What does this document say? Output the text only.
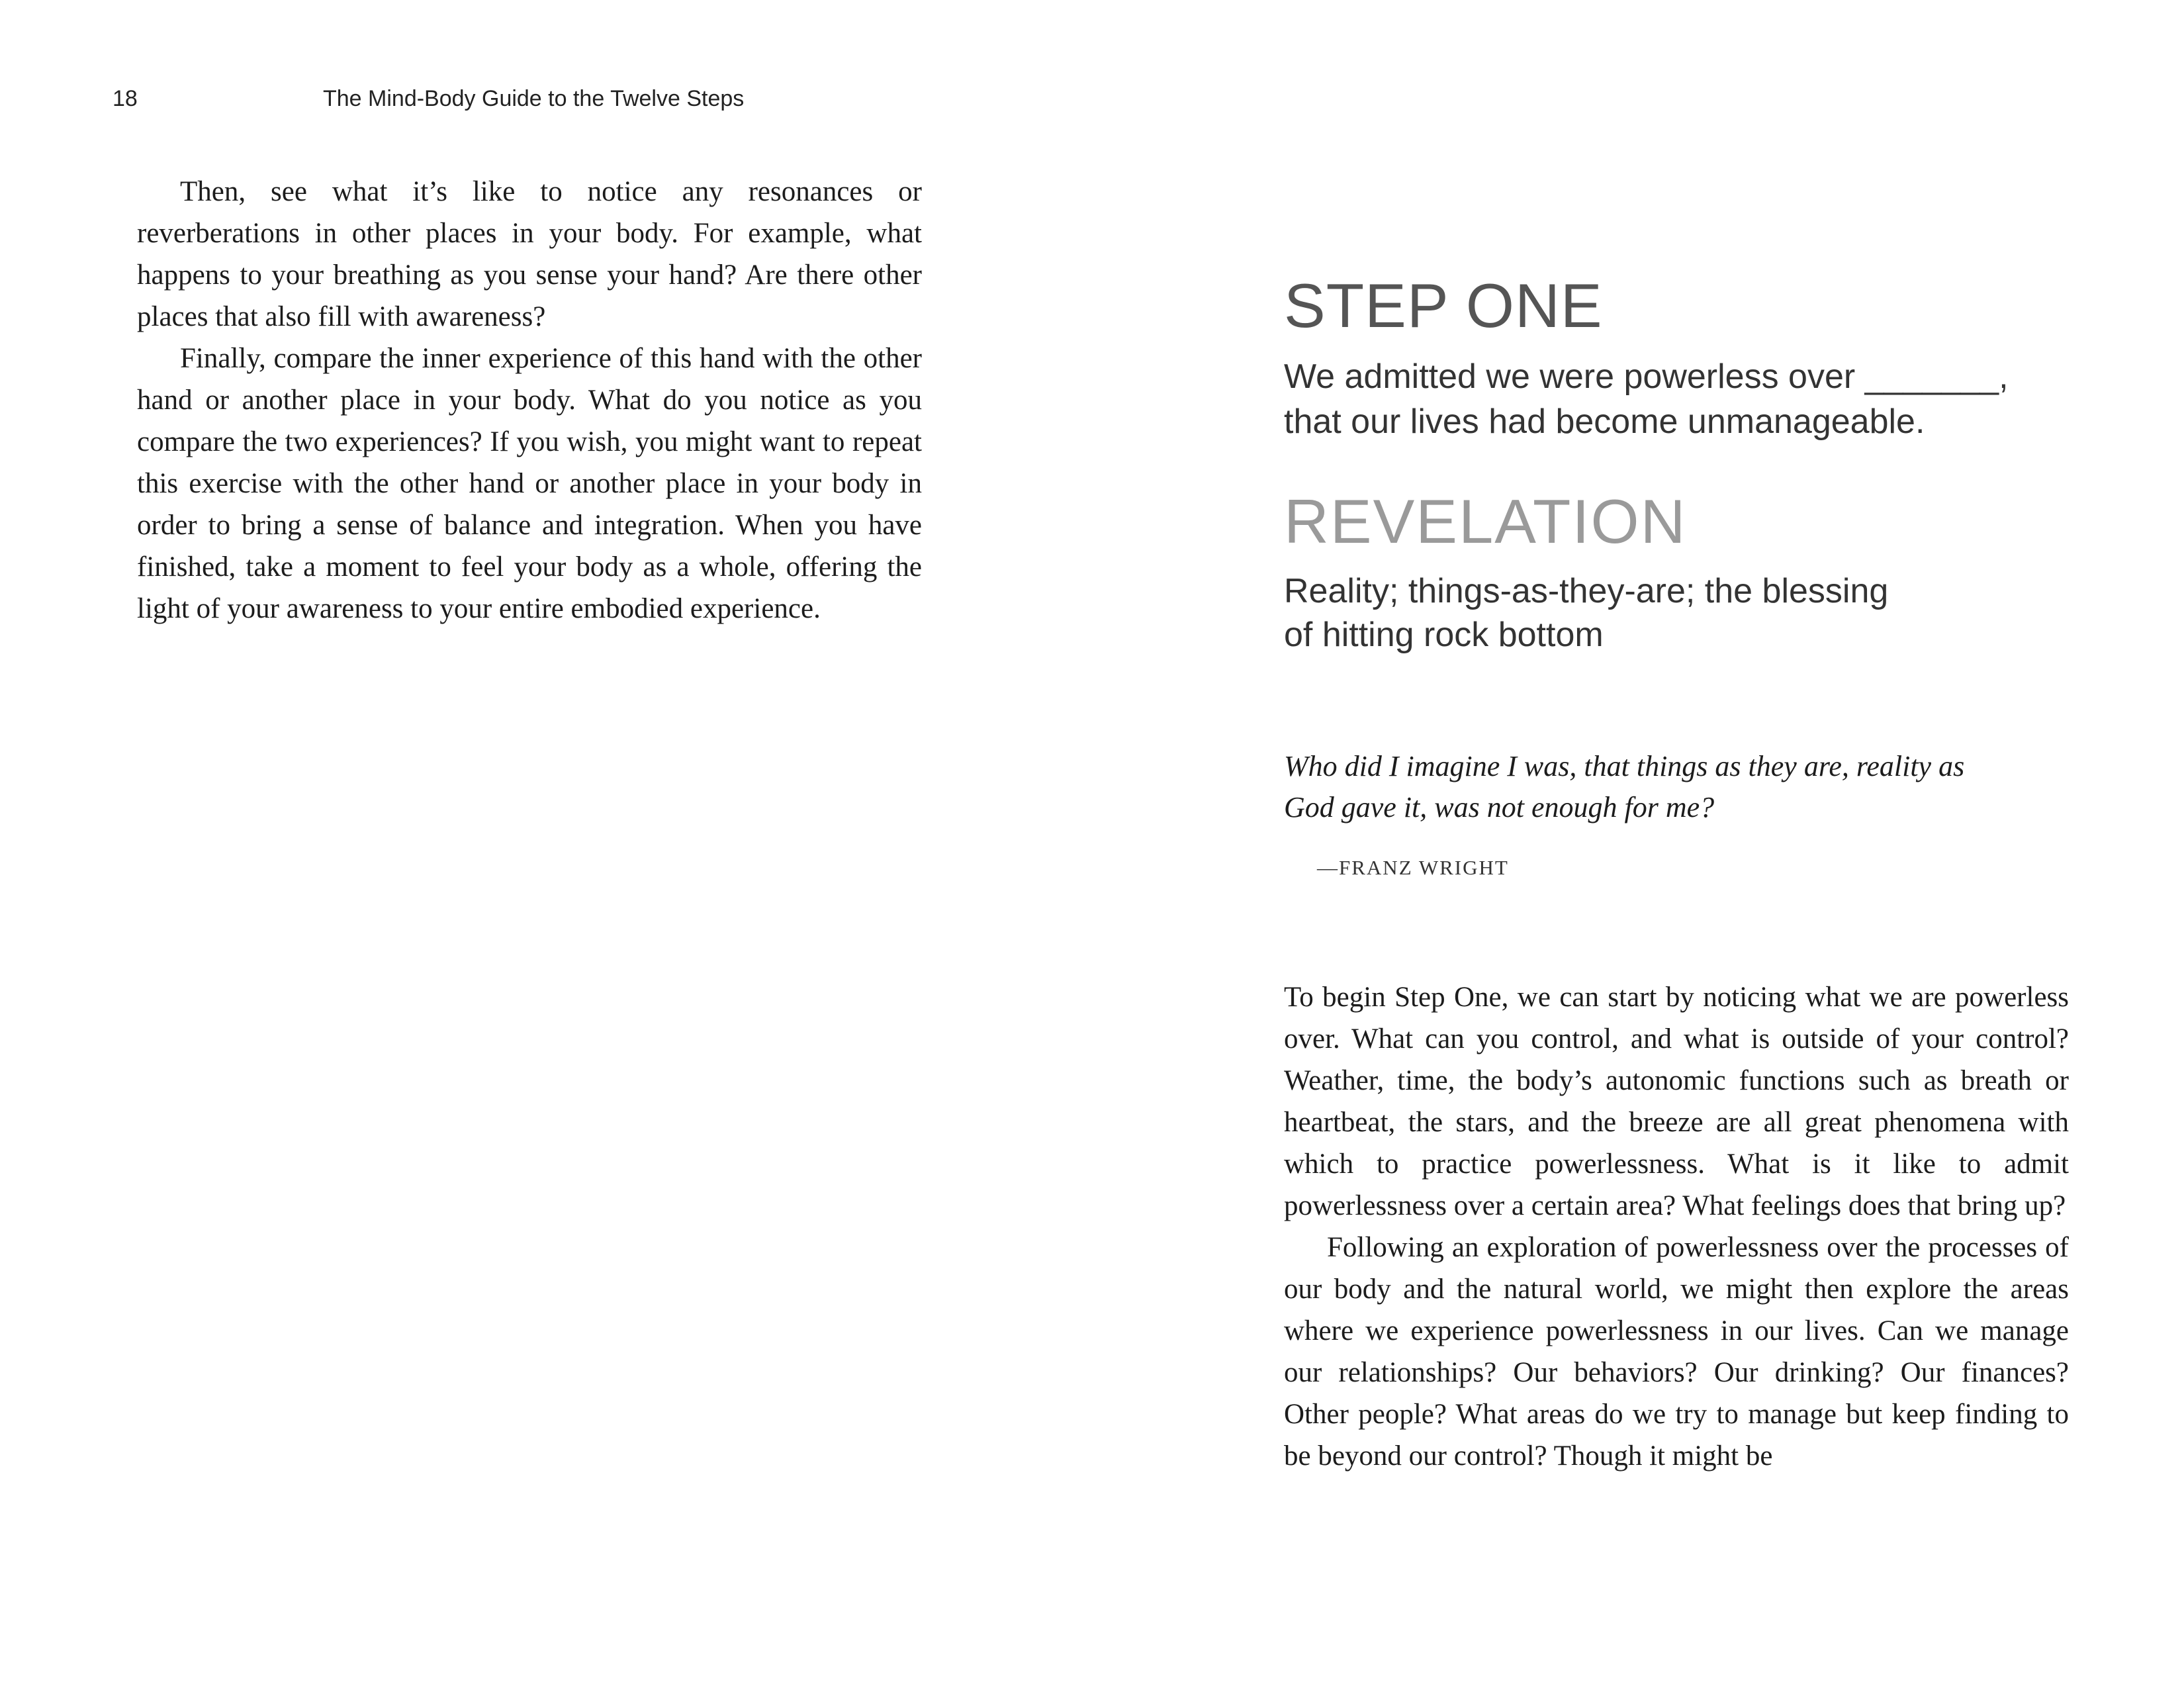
18	The Mind-Body Guide to the Twelve Steps

Then, see what it’s like to notice any resonances or reverberations in other places in your body. For example, what happens to your breathing as you sense your hand? Are there other places that also fill with awareness?

Finally, compare the inner experience of this hand with the other hand or another place in your body. What do you notice as you compare the two experiences? If you wish, you might want to repeat this exercise with the other hand or another place in your body in order to bring a sense of balance and integration. When you have finished, take a moment to feel your body as a whole, offering the light of your awareness to your entire embodied experience.

STEP ONE
We admitted we were powerless over _______,
that our lives had become unmanageable.
REVELATION
Reality; things-as-they-are; the blessing
of hitting rock bottom
Who did I imagine I was, that things as they are, reality as
God gave it, was not enough for me?
—FRANZ WRIGHT

To begin Step One, we can start by noticing what we are powerless over. What can you control, and what is outside of your control? Weather, time, the body’s autonomic functions such as breath or heartbeat, the stars, and the breeze are all great phenomena with which to practice powerlessness. What is it like to admit powerlessness over a certain area? What feelings does that bring up?

Following an exploration of powerlessness over the processes of our body and the natural world, we might then explore the areas where we experience powerlessness in our lives. Can we manage our relationships? Our behaviors? Our drinking? Our finances? Other people? What areas do we try to manage but keep finding to be beyond our control? Though it might be
